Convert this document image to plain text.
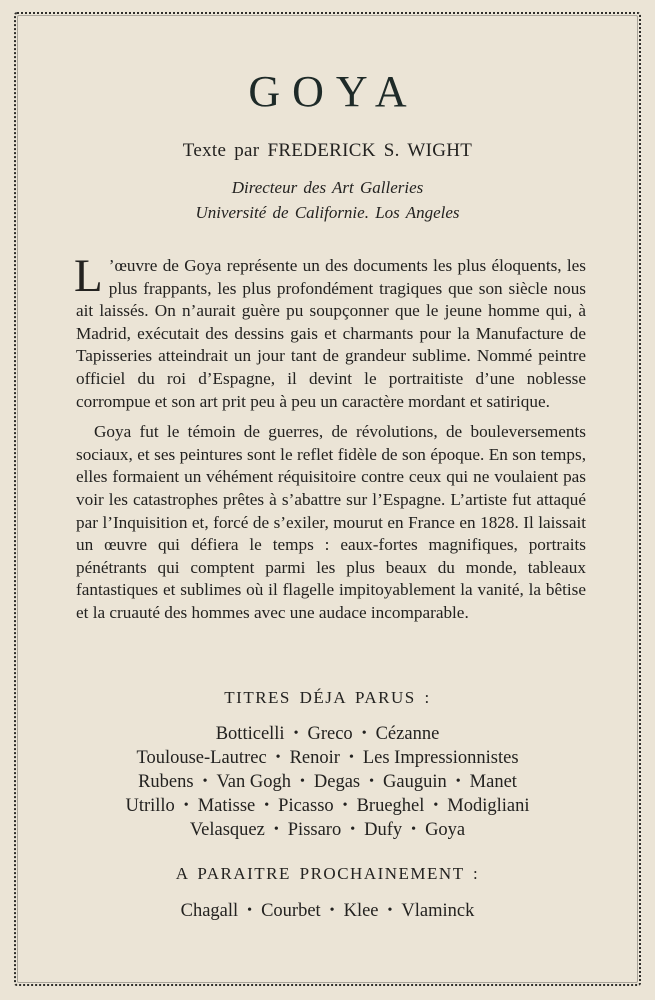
GOYA
Texte par FREDERICK S. WIGHT
Directeur des Art Galleries
Université de Californie. Los Angeles

L ’œuvre de Goya représente un des documents les plus éloquents, les plus frappants, les plus profondément tragiques que son siècle nous ait laissés. On n’aurait guère pu soupçonner que le jeune homme qui, à Madrid, exécutait des dessins gais et charmants pour la Manufacture de Tapisseries atteindrait un jour tant de grandeur sublime. Nommé peintre officiel du roi d’Espagne, il devint le portraitiste d’une noblesse corrompue et son art prit peu à peu un caractère mordant et satirique.

Goya fut le témoin de guerres, de révolutions, de bouleversements sociaux, et ses peintures sont le reflet fidèle de son époque. En son temps, elles formaient un véhément réquisitoire contre ceux qui ne voulaient pas voir les catastrophes prêtes à s’abattre sur l’Espagne. L’artiste fut attaqué par l’Inquisition et, forcé de s’exiler, mourut en France en 1828. Il laissait un œuvre qui défiera le temps : eaux-fortes magnifiques, portraits pénétrants qui comptent parmi les plus beaux du monde, tableaux fantastiques et sublimes où il flagelle impitoyablement la vanité, la bêtise et la cruauté des hommes avec une audace incomparable.

TITRES DÉJA PARUS :
Botticelli • Greco • Cézanne
Toulouse-Lautrec • Renoir • Les Impressionnistes
Rubens • Van Gogh • Degas • Gauguin • Manet
Utrillo • Matisse • Picasso • Brueghel • Modigliani
Velasquez • Pissaro • Dufy • Goya
A PARAITRE PROCHAINEMENT :
Chagall • Courbet • Klee • Vlaminck
